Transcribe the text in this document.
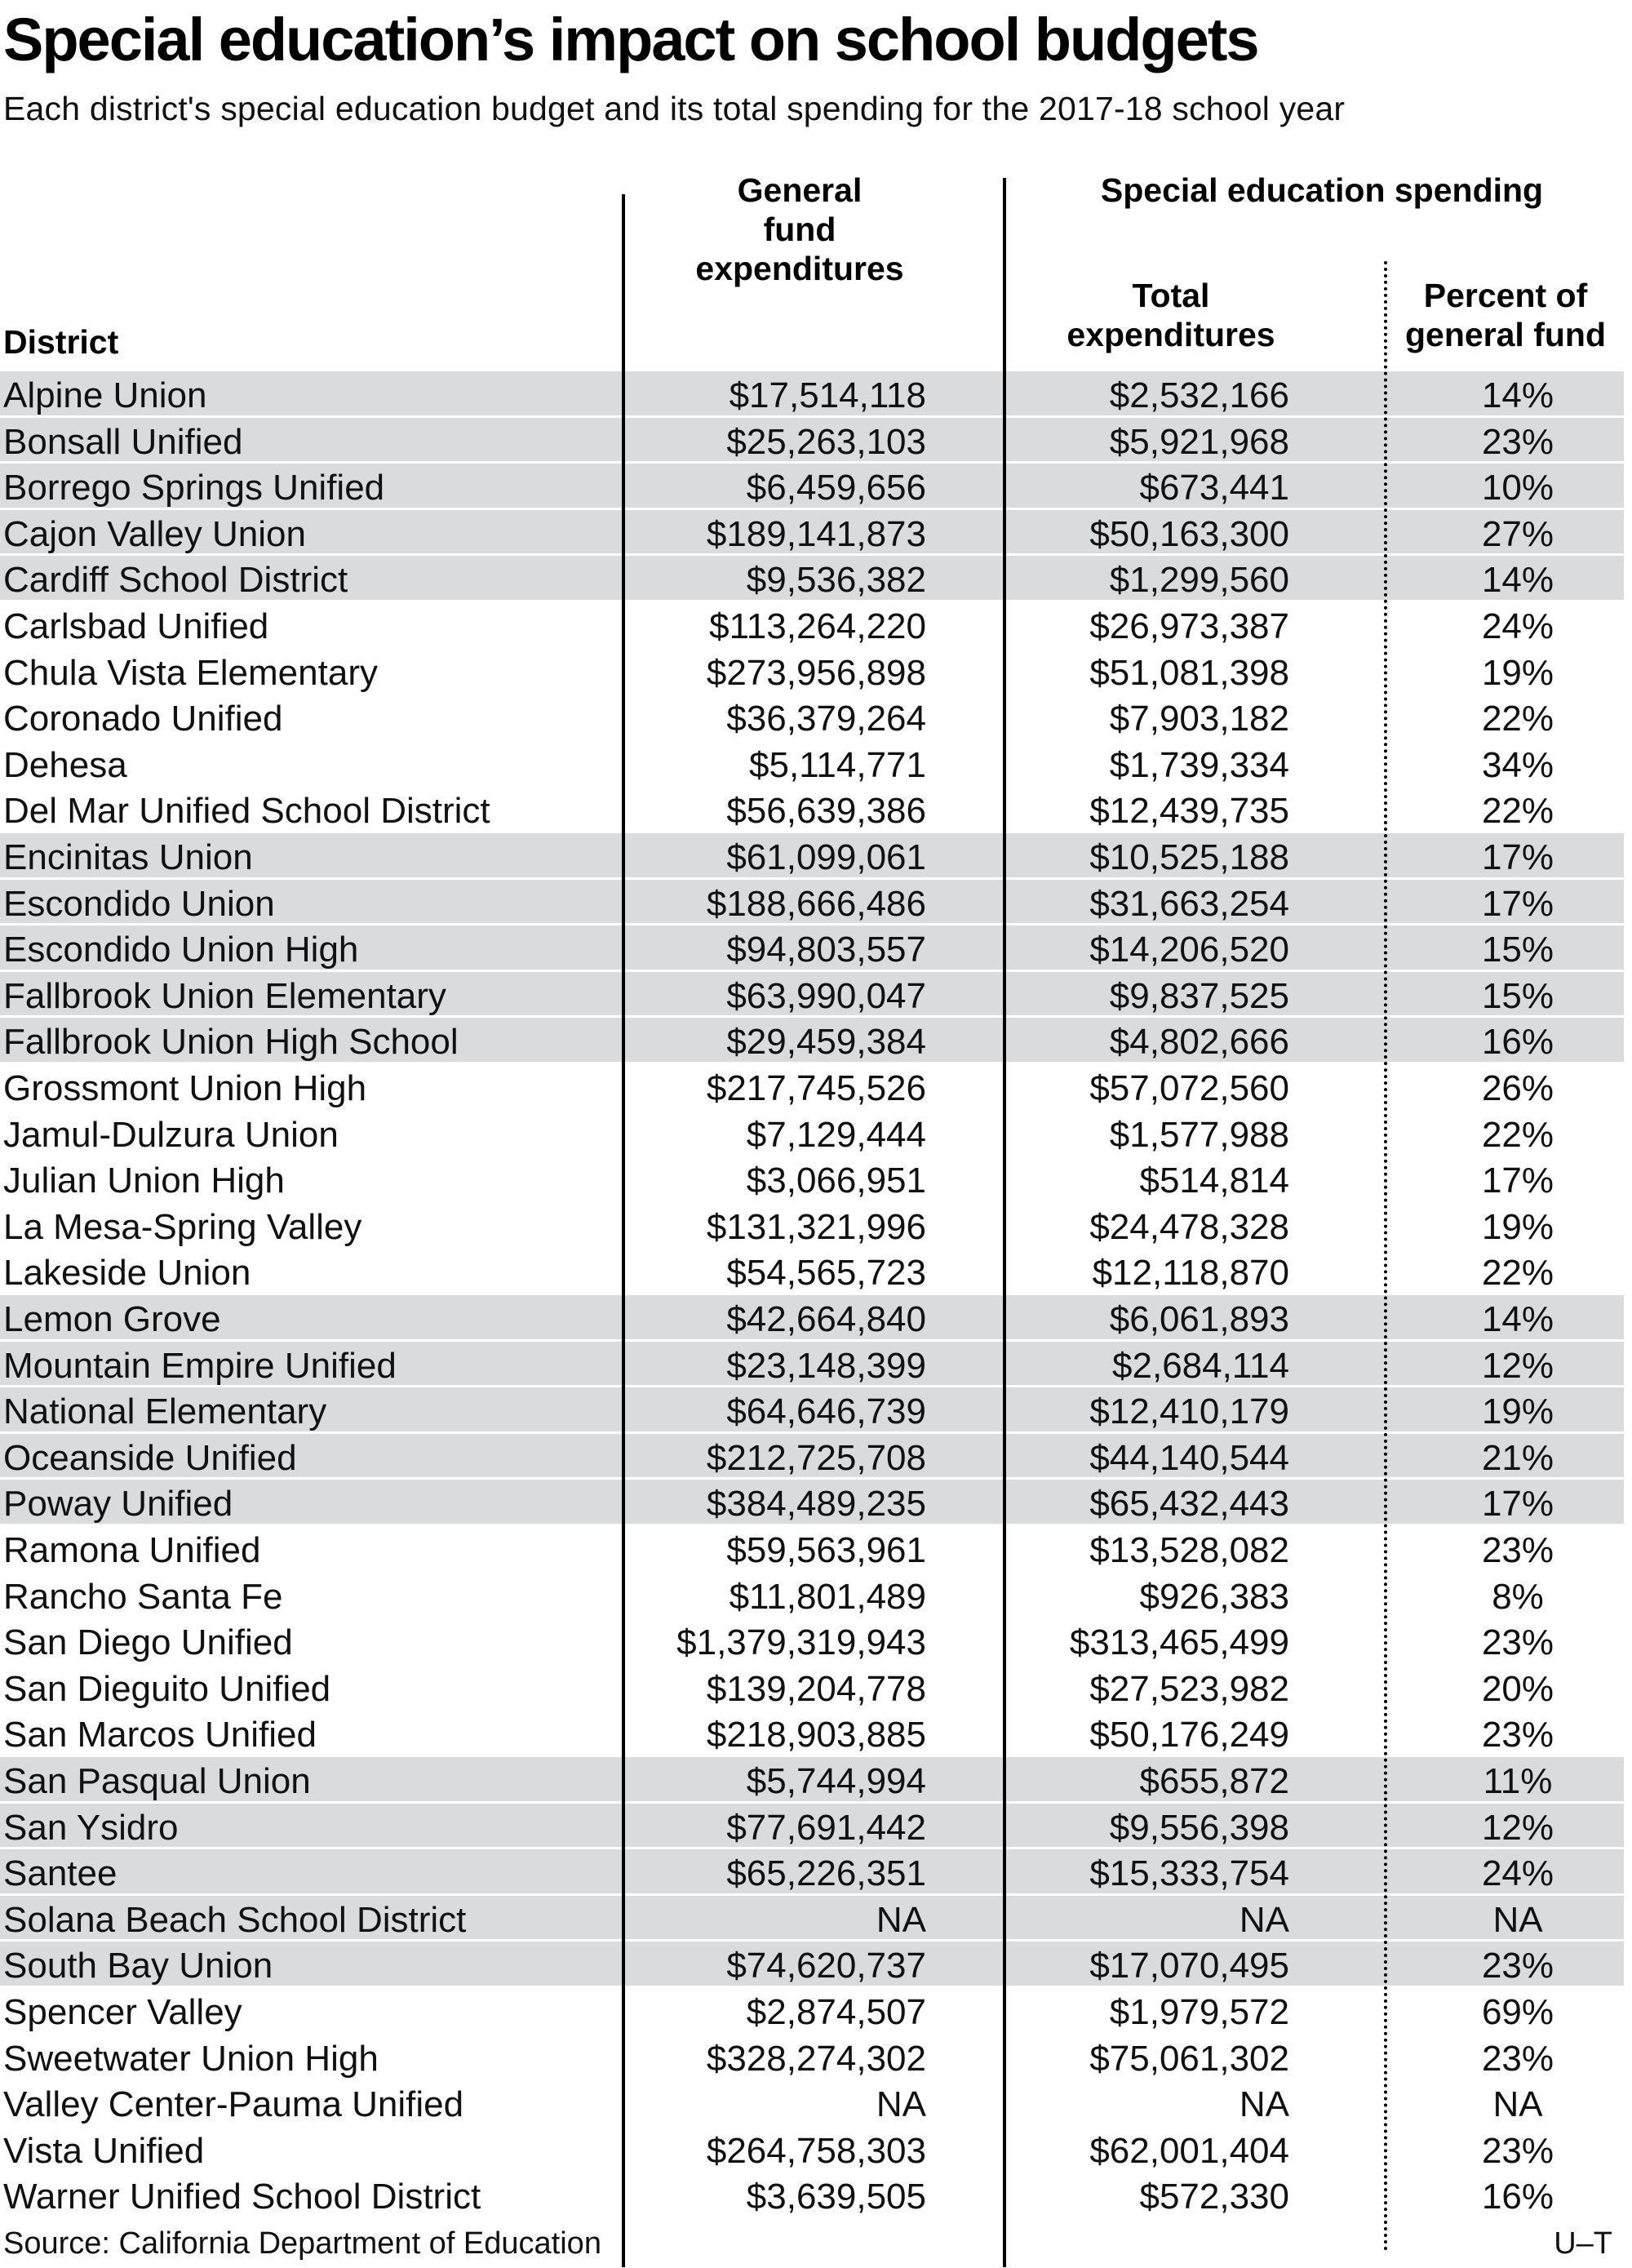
Special education’s impact on school budgets
Each district's special education budget and its total spending for the 2017-18 school year
General
fund
expenditures
Special education spending
Total
expenditures
Percent of
general fund
District
Alpine Union	$17,514,118	$2,532,166	14%
Bonsall Unified	$25,263,103	$5,921,968	23%
Borrego Springs Unified	$6,459,656	$673,441	10%
Cajon Valley Union	$189,141,873	$50,163,300	27%
Cardiff School District	$9,536,382	$1,299,560	14%
Carlsbad Unified	$113,264,220	$26,973,387	24%
Chula Vista Elementary	$273,956,898	$51,081,398	19%
Coronado Unified	$36,379,264	$7,903,182	22%
Dehesa	$5,114,771	$1,739,334	34%
Del Mar Unified School District	$56,639,386	$12,439,735	22%
Encinitas Union	$61,099,061	$10,525,188	17%
Escondido Union	$188,666,486	$31,663,254	17%
Escondido Union High	$94,803,557	$14,206,520	15%
Fallbrook Union Elementary	$63,990,047	$9,837,525	15%
Fallbrook Union High School	$29,459,384	$4,802,666	16%
Grossmont Union High	$217,745,526	$57,072,560	26%
Jamul-Dulzura Union	$7,129,444	$1,577,988	22%
Julian Union High	$3,066,951	$514,814	17%
La Mesa-Spring Valley	$131,321,996	$24,478,328	19%
Lakeside Union	$54,565,723	$12,118,870	22%
Lemon Grove	$42,664,840	$6,061,893	14%
Mountain Empire Unified	$23,148,399	$2,684,114	12%
National Elementary	$64,646,739	$12,410,179	19%
Oceanside Unified	$212,725,708	$44,140,544	21%
Poway Unified	$384,489,235	$65,432,443	17%
Ramona Unified	$59,563,961	$13,528,082	23%
Rancho Santa Fe	$11,801,489	$926,383	8%
San Diego Unified	$1,379,319,943	$313,465,499	23%
San Dieguito Unified	$139,204,778	$27,523,982	20%
San Marcos Unified	$218,903,885	$50,176,249	23%
San Pasqual Union	$5,744,994	$655,872	11%
San Ysidro	$77,691,442	$9,556,398	12%
Santee	$65,226,351	$15,333,754	24%
Solana Beach School District	NA	NA	NA
South Bay Union	$74,620,737	$17,070,495	23%
Spencer Valley	$2,874,507	$1,979,572	69%
Sweetwater Union High	$328,274,302	$75,061,302	23%
Valley Center-Pauma Unified	NA	NA	NA
Vista Unified	$264,758,303	$62,001,404	23%
Warner Unified School District	$3,639,505	$572,330	16%
Source: California Department of Education	U–T
